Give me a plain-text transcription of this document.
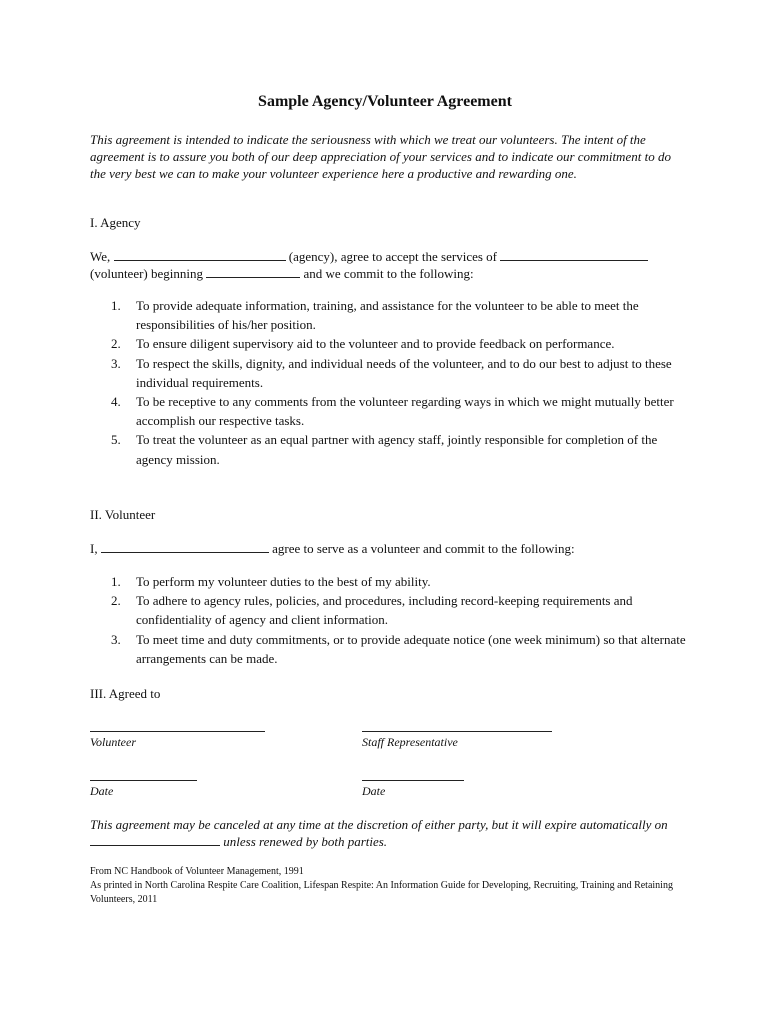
Sample Agency/Volunteer Agreement

This agreement is intended to indicate the seriousness with which we treat our volunteers. The intent of the agreement is to assure you both of our deep appreciation of your services and to indicate our commitment to do the very best we can to make your volunteer experience here a productive and rewarding one.

I. Agency

We,	(agency), agree to accept the services of
(volunteer) beginning	and we commit to the following:

1. To provide adequate information, training, and assistance for the volunteer to be able to meet the responsibilities of his/her position.
2. To ensure diligent supervisory aid to the volunteer and to provide feedback on performance.
3. To respect the skills, dignity, and individual needs of the volunteer, and to do our best to adjust to these individual requirements.
4. To be receptive to any comments from the volunteer regarding ways in which we might mutually better accomplish our respective tasks.
5. To treat the volunteer as an equal partner with agency staff, jointly responsible for completion of the agency mission.

II. Volunteer

I,	agree to serve as a volunteer and commit to the following:

1. To perform my volunteer duties to the best of my ability.
2. To adhere to agency rules, policies, and procedures, including record-keeping requirements and confidentiality of agency and client information.
3. To meet time and duty commitments, or to provide adequate notice (one week minimum) so that alternate arrangements can be made.

III. Agreed to

Volunteer	Staff Representative
Date	Date

This agreement may be canceled at any time at the discretion of either party, but it will expire automatically on  unless renewed by both parties.

From NC Handbook of Volunteer Management, 1991

As printed in North Carolina Respite Care Coalition, Lifespan Respite: An Information Guide for Developing, Recruiting, Training and Retaining Volunteers, 2011
